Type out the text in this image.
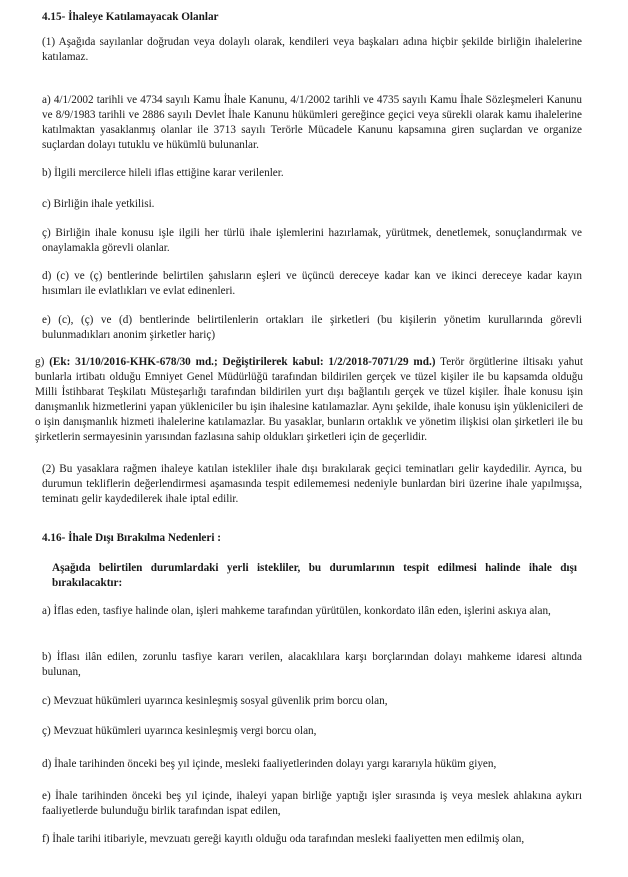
4.15- İhaleye Katılamayacak Olanlar

(1) Aşağıda sayılanlar doğrudan veya dolaylı olarak, kendileri veya başkaları adına hiçbir şekilde birliğin ihalelerine katılamaz.

a) 4/1/2002 tarihli ve 4734 sayılı Kamu İhale Kanunu, 4/1/2002 tarihli ve 4735 sayılı Kamu İhale Sözleşmeleri Kanunu ve 8/9/1983 tarihli ve 2886 sayılı Devlet İhale Kanunu hükümleri gereğince geçici veya sürekli olarak kamu ihalelerine katılmaktan yasaklanmış olanlar ile 3713 sayılı Terörle Mücadele Kanunu kapsamına giren suçlardan ve organize suçlardan dolayı tutuklu ve hükümlü bulunanlar.

b) İlgili mercilerce hileli iflas ettiğine karar verilenler.

c) Birliğin ihale yetkilisi.

ç) Birliğin ihale konusu işle ilgili her türlü ihale işlemlerini hazırlamak, yürütmek, denetlemek, sonuçlandırmak ve onaylamakla görevli olanlar.

d) (c) ve (ç) bentlerinde belirtilen şahısların eşleri ve üçüncü dereceye kadar kan ve ikinci dereceye kadar kayın hısımları ile evlatlıkları ve evlat edinenleri.

e) (c), (ç) ve (d) bentlerinde belirtilenlerin ortakları ile şirketleri (bu kişilerin yönetim kurullarında görevli bulunmadıkları anonim şirketler hariç)

g) (Ek: 31/10/2016-KHK-678/30 md.; Değiştirilerek kabul: 1/2/2018-7071/29 md.) Terör örgütlerine iltisakı yahut bunlarla irtibatı olduğu Emniyet Genel Müdürlüğü tarafından bildirilen gerçek ve tüzel kişiler ile bu kapsamda olduğu Milli İstihbarat Teşkilatı Müsteşarlığı tarafından bildirilen yurt dışı bağlantılı gerçek ve tüzel kişiler. İhale konusu işin danışmanlık hizmetlerini yapan yükleniciler bu işin ihalesine katılamazlar. Aynı şekilde, ihale konusu işin yüklenicileri de o işin danışmanlık hizmeti ihalelerine katılamazlar. Bu yasaklar, bunların ortaklık ve yönetim ilişkisi olan şirketleri ile bu şirketlerin sermayesinin yarısından fazlasına sahip oldukları şirketleri için de geçerlidir.

(2) Bu yasaklara rağmen ihaleye katılan istekliler ihale dışı bırakılarak geçici teminatları gelir kaydedilir. Ayrıca, bu durumun tekliflerin değerlendirmesi aşamasında tespit edilememesi nedeniyle bunlardan biri üzerine ihale yapılmışsa, teminatı gelir kaydedilerek ihale iptal edilir.

4.16- İhale Dışı Bırakılma Nedenleri :

Aşağıda belirtilen durumlardaki yerli istekliler, bu durumlarının tespit edilmesi halinde ihale dışı bırakılacaktır:

a) İflas eden, tasfiye halinde olan, işleri mahkeme tarafından yürütülen, konkordato ilân eden, işlerini askıya alan,

b) İflası ilân edilen, zorunlu tasfiye kararı verilen, alacaklılara karşı borçlarından dolayı mahkeme idaresi altında bulunan,

c) Mevzuat hükümleri uyarınca kesinleşmiş sosyal güvenlik prim borcu olan,

ç) Mevzuat hükümleri uyarınca kesinleşmiş vergi borcu olan,

d) İhale tarihinden önceki beş yıl içinde, mesleki faaliyetlerinden dolayı yargı kararıyla hüküm giyen,

e) İhale tarihinden önceki beş yıl içinde, ihaleyi yapan birliğe yaptığı işler sırasında iş veya meslek ahlakına aykırı faaliyetlerde bulunduğu birlik tarafından ispat edilen,

f) İhale tarihi itibariyle, mevzuatı gereği kayıtlı olduğu oda tarafından mesleki faaliyetten men edilmiş olan,
